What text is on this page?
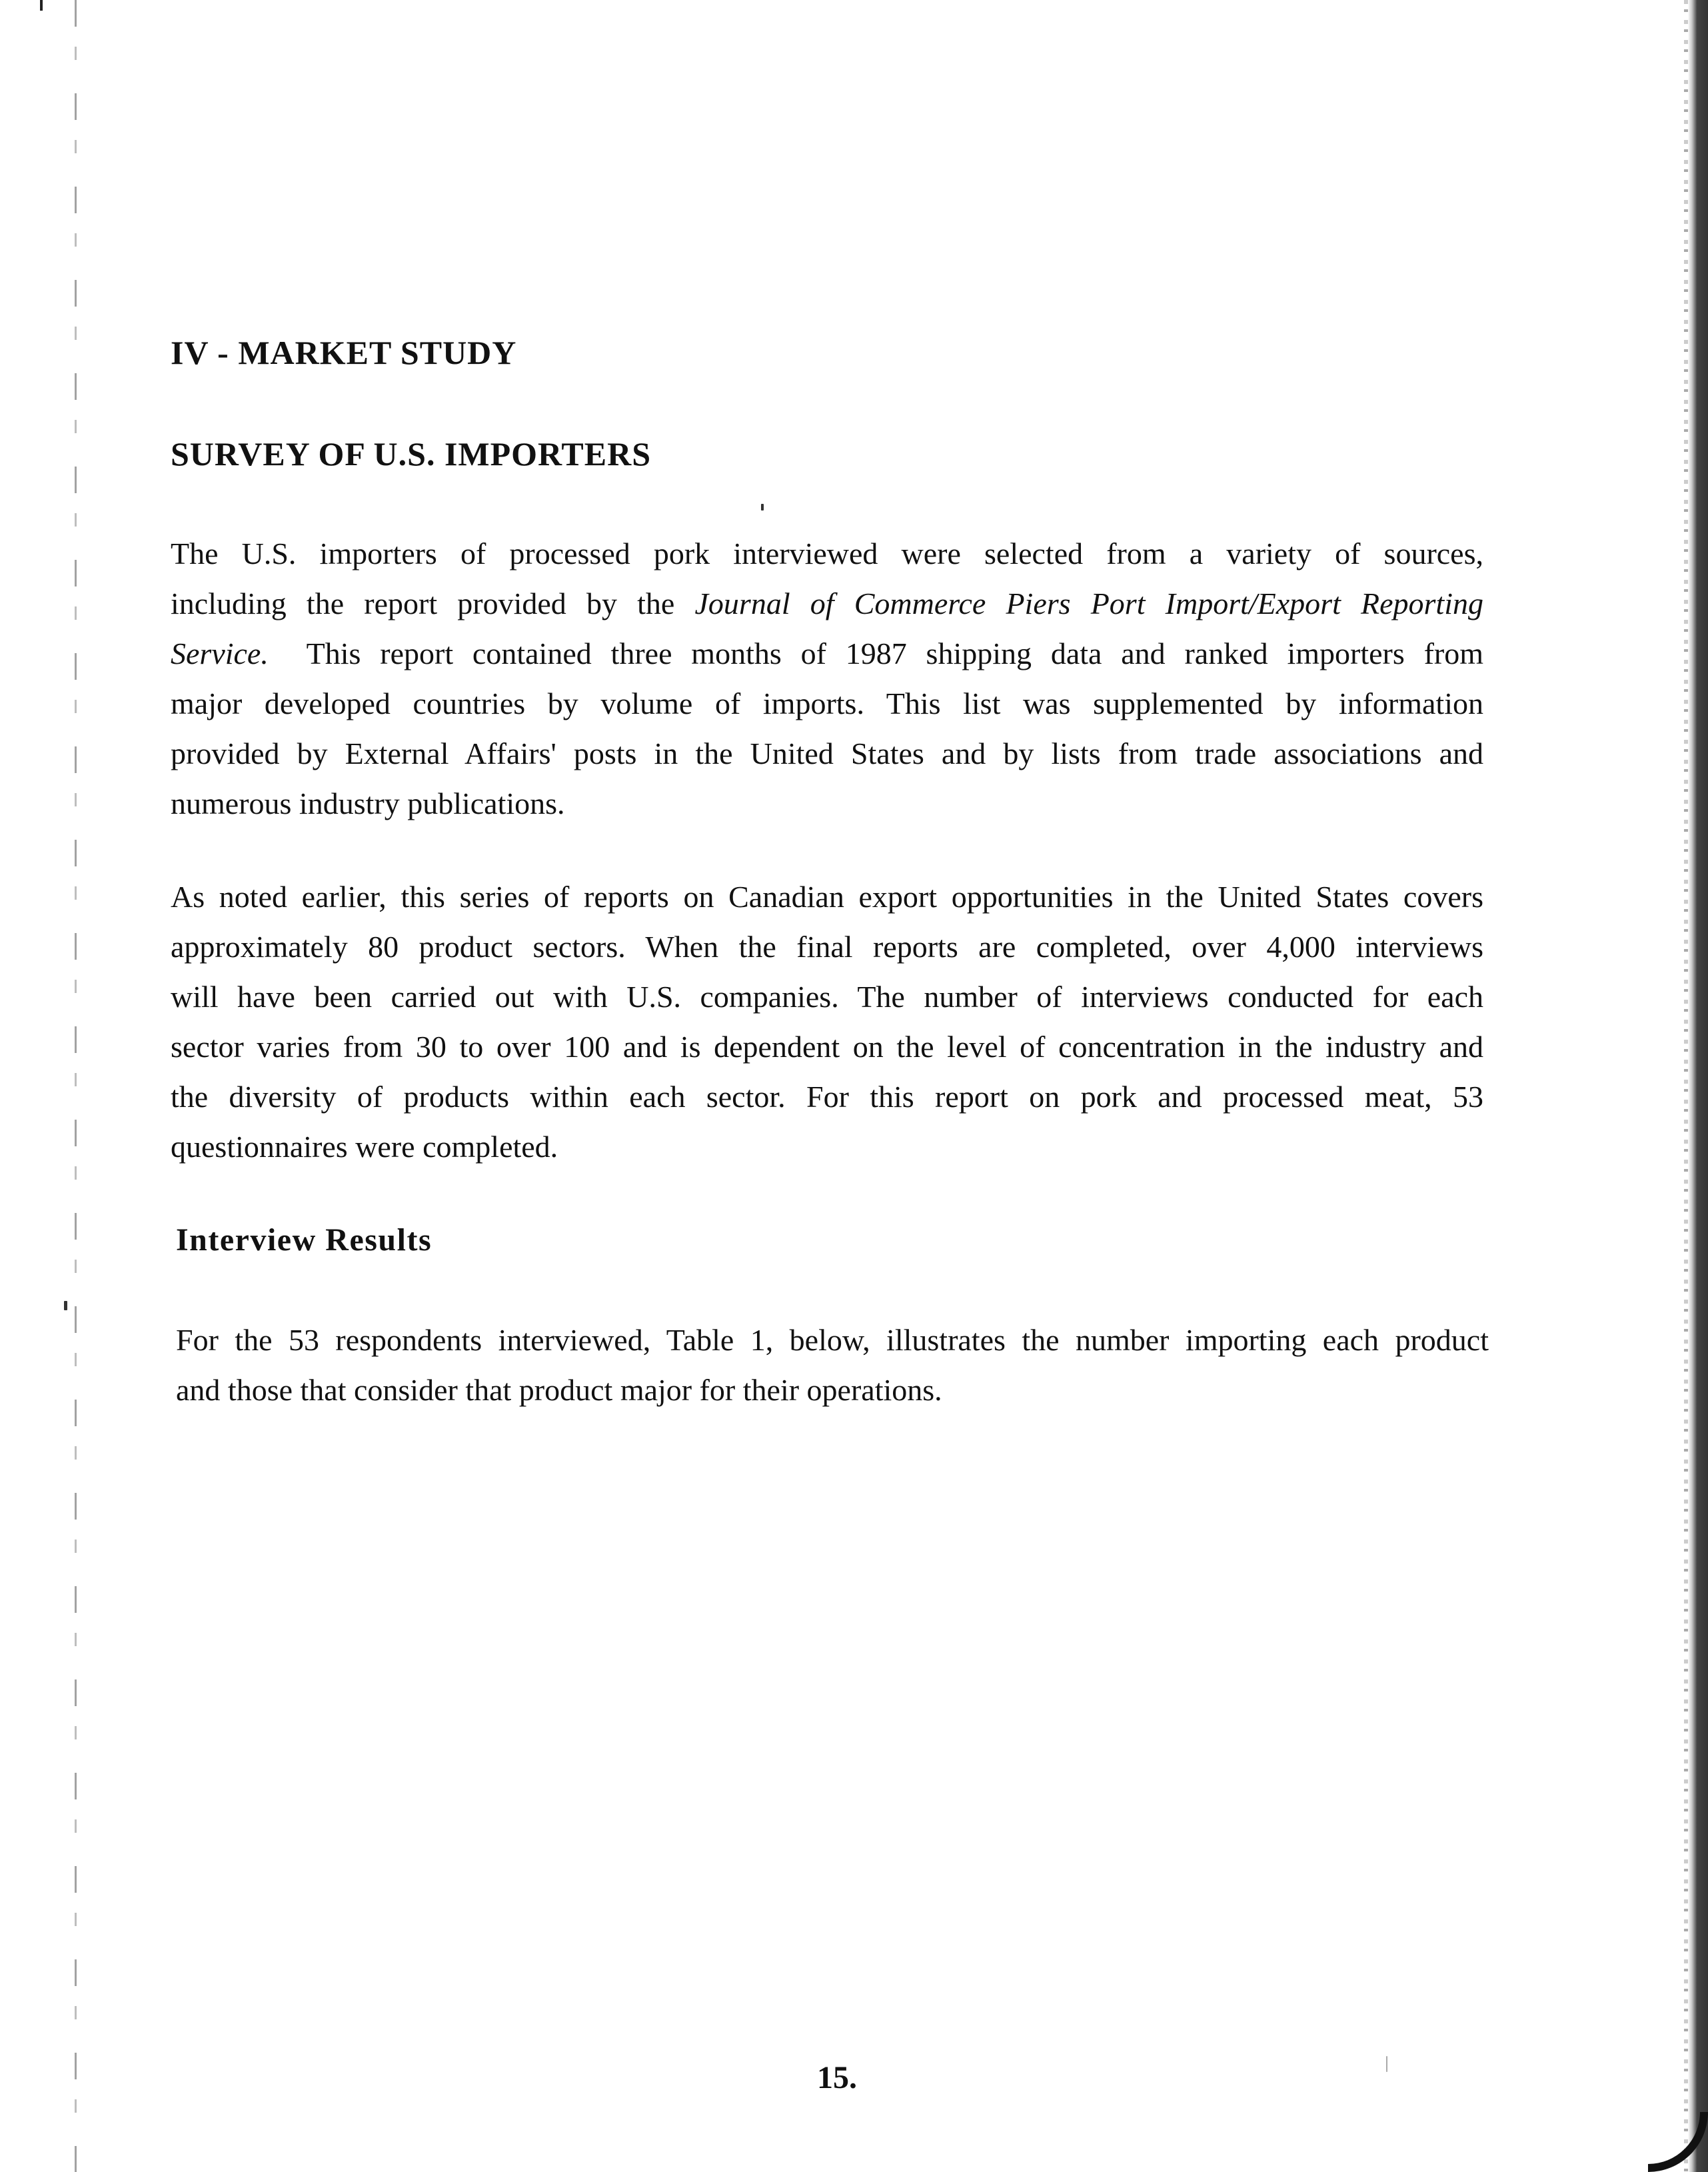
IV - MARKET STUDY
SURVEY OF U.S. IMPORTERS
The U.S. importers of processed pork interviewed were selected from a variety of sources,
including the report provided by the Journal of Commerce Piers Port Import/Export Reporting
Service.  This report contained three months of 1987 shipping data and ranked importers from
major developed countries by volume of imports. This list was supplemented by information
provided by External Affairs' posts in the United States and by lists from trade associations and
numerous industry publications.
As noted earlier, this series of reports on Canadian export opportunities in the United States covers
approximately 80 product sectors. When the final reports are completed, over 4,000 interviews
will have been carried out with U.S. companies. The number of interviews conducted for each
sector varies from 30 to over 100 and is dependent on the level of concentration in the industry and
the diversity of products within each sector. For this report on pork and processed meat, 53
questionnaires were completed.
Interview Results
For the 53 respondents interviewed, Table 1, below, illustrates the number importing each product
and those that consider that product major for their operations.
15.
